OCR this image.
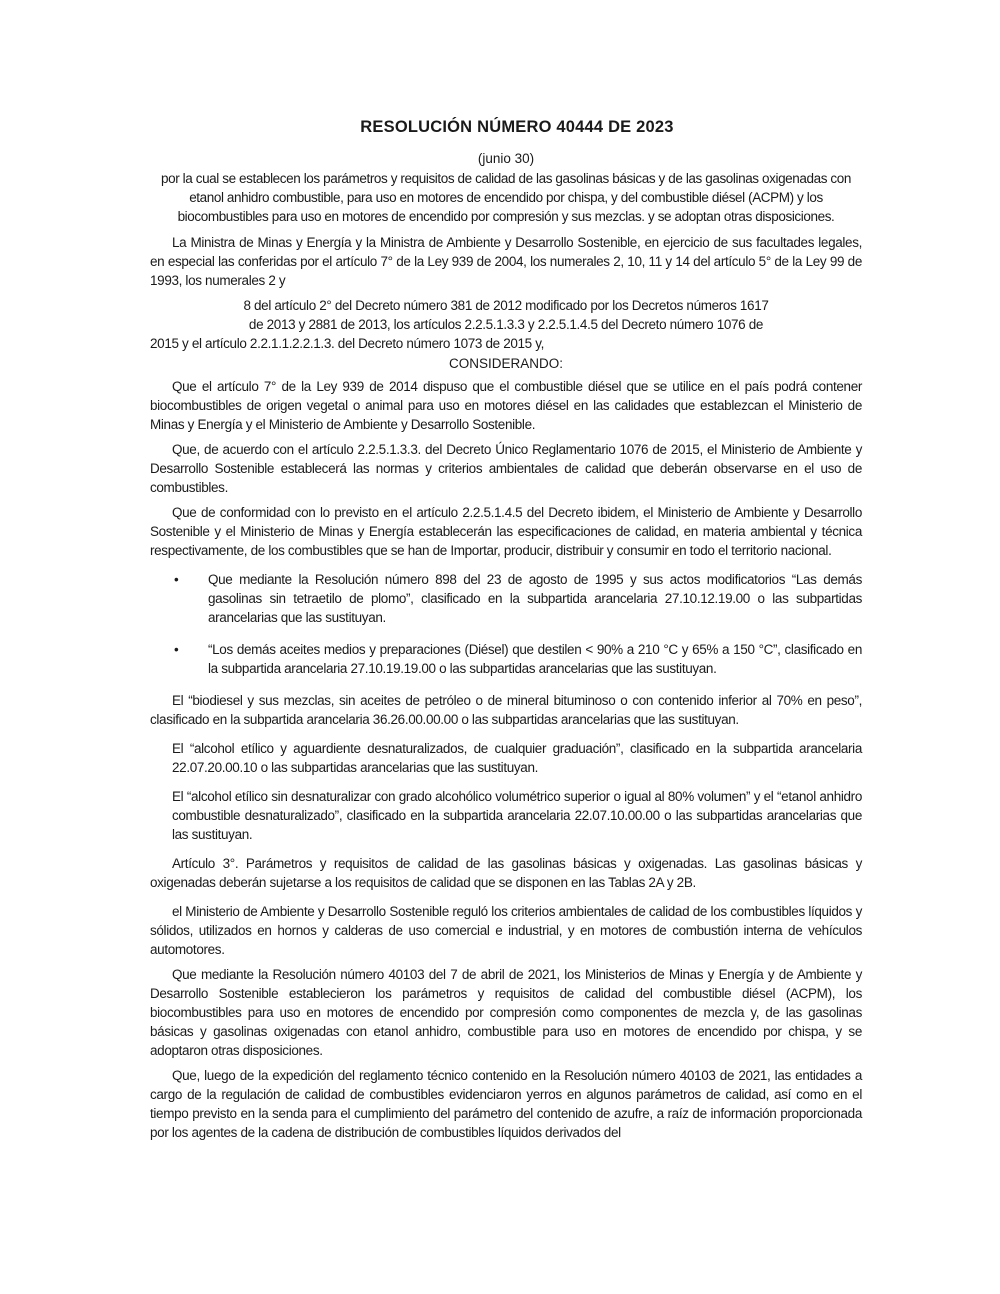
RESOLUCIÓN NÚMERO 40444 DE 2023
(junio 30)
por la cual se establecen los parámetros y requisitos de calidad de las gasolinas básicas y de las gasolinas oxigenadas con etanol anhidro combustible, para uso en motores de encendido por chispa, y del combustible diésel (ACPM) y los biocombustibles para uso en motores de encendido por compresión y sus mezclas. y se adoptan otras disposiciones.

La Ministra de Minas y Energía y la Ministra de Ambiente y Desarrollo Sostenible, en ejercicio de sus facultades legales, en especial las conferidas por el artículo 7° de la Ley 939 de 2004, los numerales 2, 10, 11 y 14 del artículo 5° de la Ley 99 de 1993, los numerales 2 y

8 del artículo 2° del Decreto número 381 de 2012 modificado por los Decretos números 1617
de 2013 y 2881 de 2013, los artículos 2.2.5.1.3.3 y 2.2.5.1.4.5 del Decreto número 1076 de
2015 y el artículo 2.2.1.1.2.2.1.3. del Decreto número 1073 de 2015 y,
CONSIDERANDO:

Que el artículo 7° de la Ley 939 de 2014 dispuso que el combustible diésel que se utilice en el país podrá contener biocombustibles de origen vegetal o animal para uso en motores diésel en las calidades que establezcan el Ministerio de Minas y Energía y el Ministerio de Ambiente y Desarrollo Sostenible.

Que, de acuerdo con el artículo 2.2.5.1.3.3. del Decreto Único Reglamentario 1076 de 2015, el Ministerio de Ambiente y Desarrollo Sostenible establecerá las normas y criterios ambientales de calidad que deberán observarse en el uso de combustibles.

Que de conformidad con lo previsto en el artículo 2.2.5.1.4.5 del Decreto ibidem, el Ministerio de Ambiente y Desarrollo Sostenible y el Ministerio de Minas y Energía establecerán las especificaciones de calidad, en materia ambiental y técnica respectivamente, de los combustibles que se han de Importar, producir, distribuir y consumir en todo el territorio nacional.

• Que mediante la Resolución número 898 del 23 de agosto de 1995 y sus actos modificatorios “Las demás gasolinas sin tetraetilo de plomo”, clasificado en la subpartida arancelaria 27.10.12.19.00 o las subpartidas arancelarias que las sustituyan.
• “Los demás aceites medios y preparaciones (Diésel) que destilen < 90% a 210 °C y 65% a 150 °C”, clasificado en la subpartida arancelaria 27.10.19.19.00 o las subpartidas arancelarias que las sustituyan.

El “biodiesel y sus mezclas, sin aceites de petróleo o de mineral bituminoso o con contenido inferior al 70% en peso”, clasificado en la subpartida arancelaria 36.26.00.00.00 o las subpartidas arancelarias que las sustituyan.

El “alcohol etílico y aguardiente desnaturalizados, de cualquier graduación”, clasificado en la subpartida arancelaria 22.07.20.00.10 o las subpartidas arancelarias que las sustituyan.

El “alcohol etílico sin desnaturalizar con grado alcohólico volumétrico superior o igual al 80% volumen” y el “etanol anhidro combustible desnaturalizado”, clasificado en la subpartida arancelaria 22.07.10.00.00 o las subpartidas arancelarias que las sustituyan.

Artículo 3°. Parámetros y requisitos de calidad de las gasolinas básicas y oxigenadas. Las gasolinas básicas y oxigenadas deberán sujetarse a los requisitos de calidad que se disponen en las Tablas 2A y 2B.

el Ministerio de Ambiente y Desarrollo Sostenible reguló los criterios ambientales de calidad de los combustibles líquidos y sólidos, utilizados en hornos y calderas de uso comercial e industrial, y en motores de combustión interna de vehículos automotores.

Que mediante la Resolución número 40103 del 7 de abril de 2021, los Ministerios de Minas y Energía y de Ambiente y Desarrollo Sostenible establecieron los parámetros y requisitos de calidad del combustible diésel (ACPM), los biocombustibles para uso en motores de encendido por compresión como componentes de mezcla y, de las gasolinas básicas y gasolinas oxigenadas con etanol anhidro, combustible para uso en motores de encendido por chispa, y se adoptaron otras disposiciones.

Que, luego de la expedición del reglamento técnico contenido en la Resolución número 40103 de 2021, las entidades a cargo de la regulación de calidad de combustibles evidenciaron yerros en algunos parámetros de calidad, así como en el tiempo previsto en la senda para el cumplimiento del parámetro del contenido de azufre, a raíz de información proporcionada por los agentes de la cadena de distribución de combustibles líquidos derivados del
